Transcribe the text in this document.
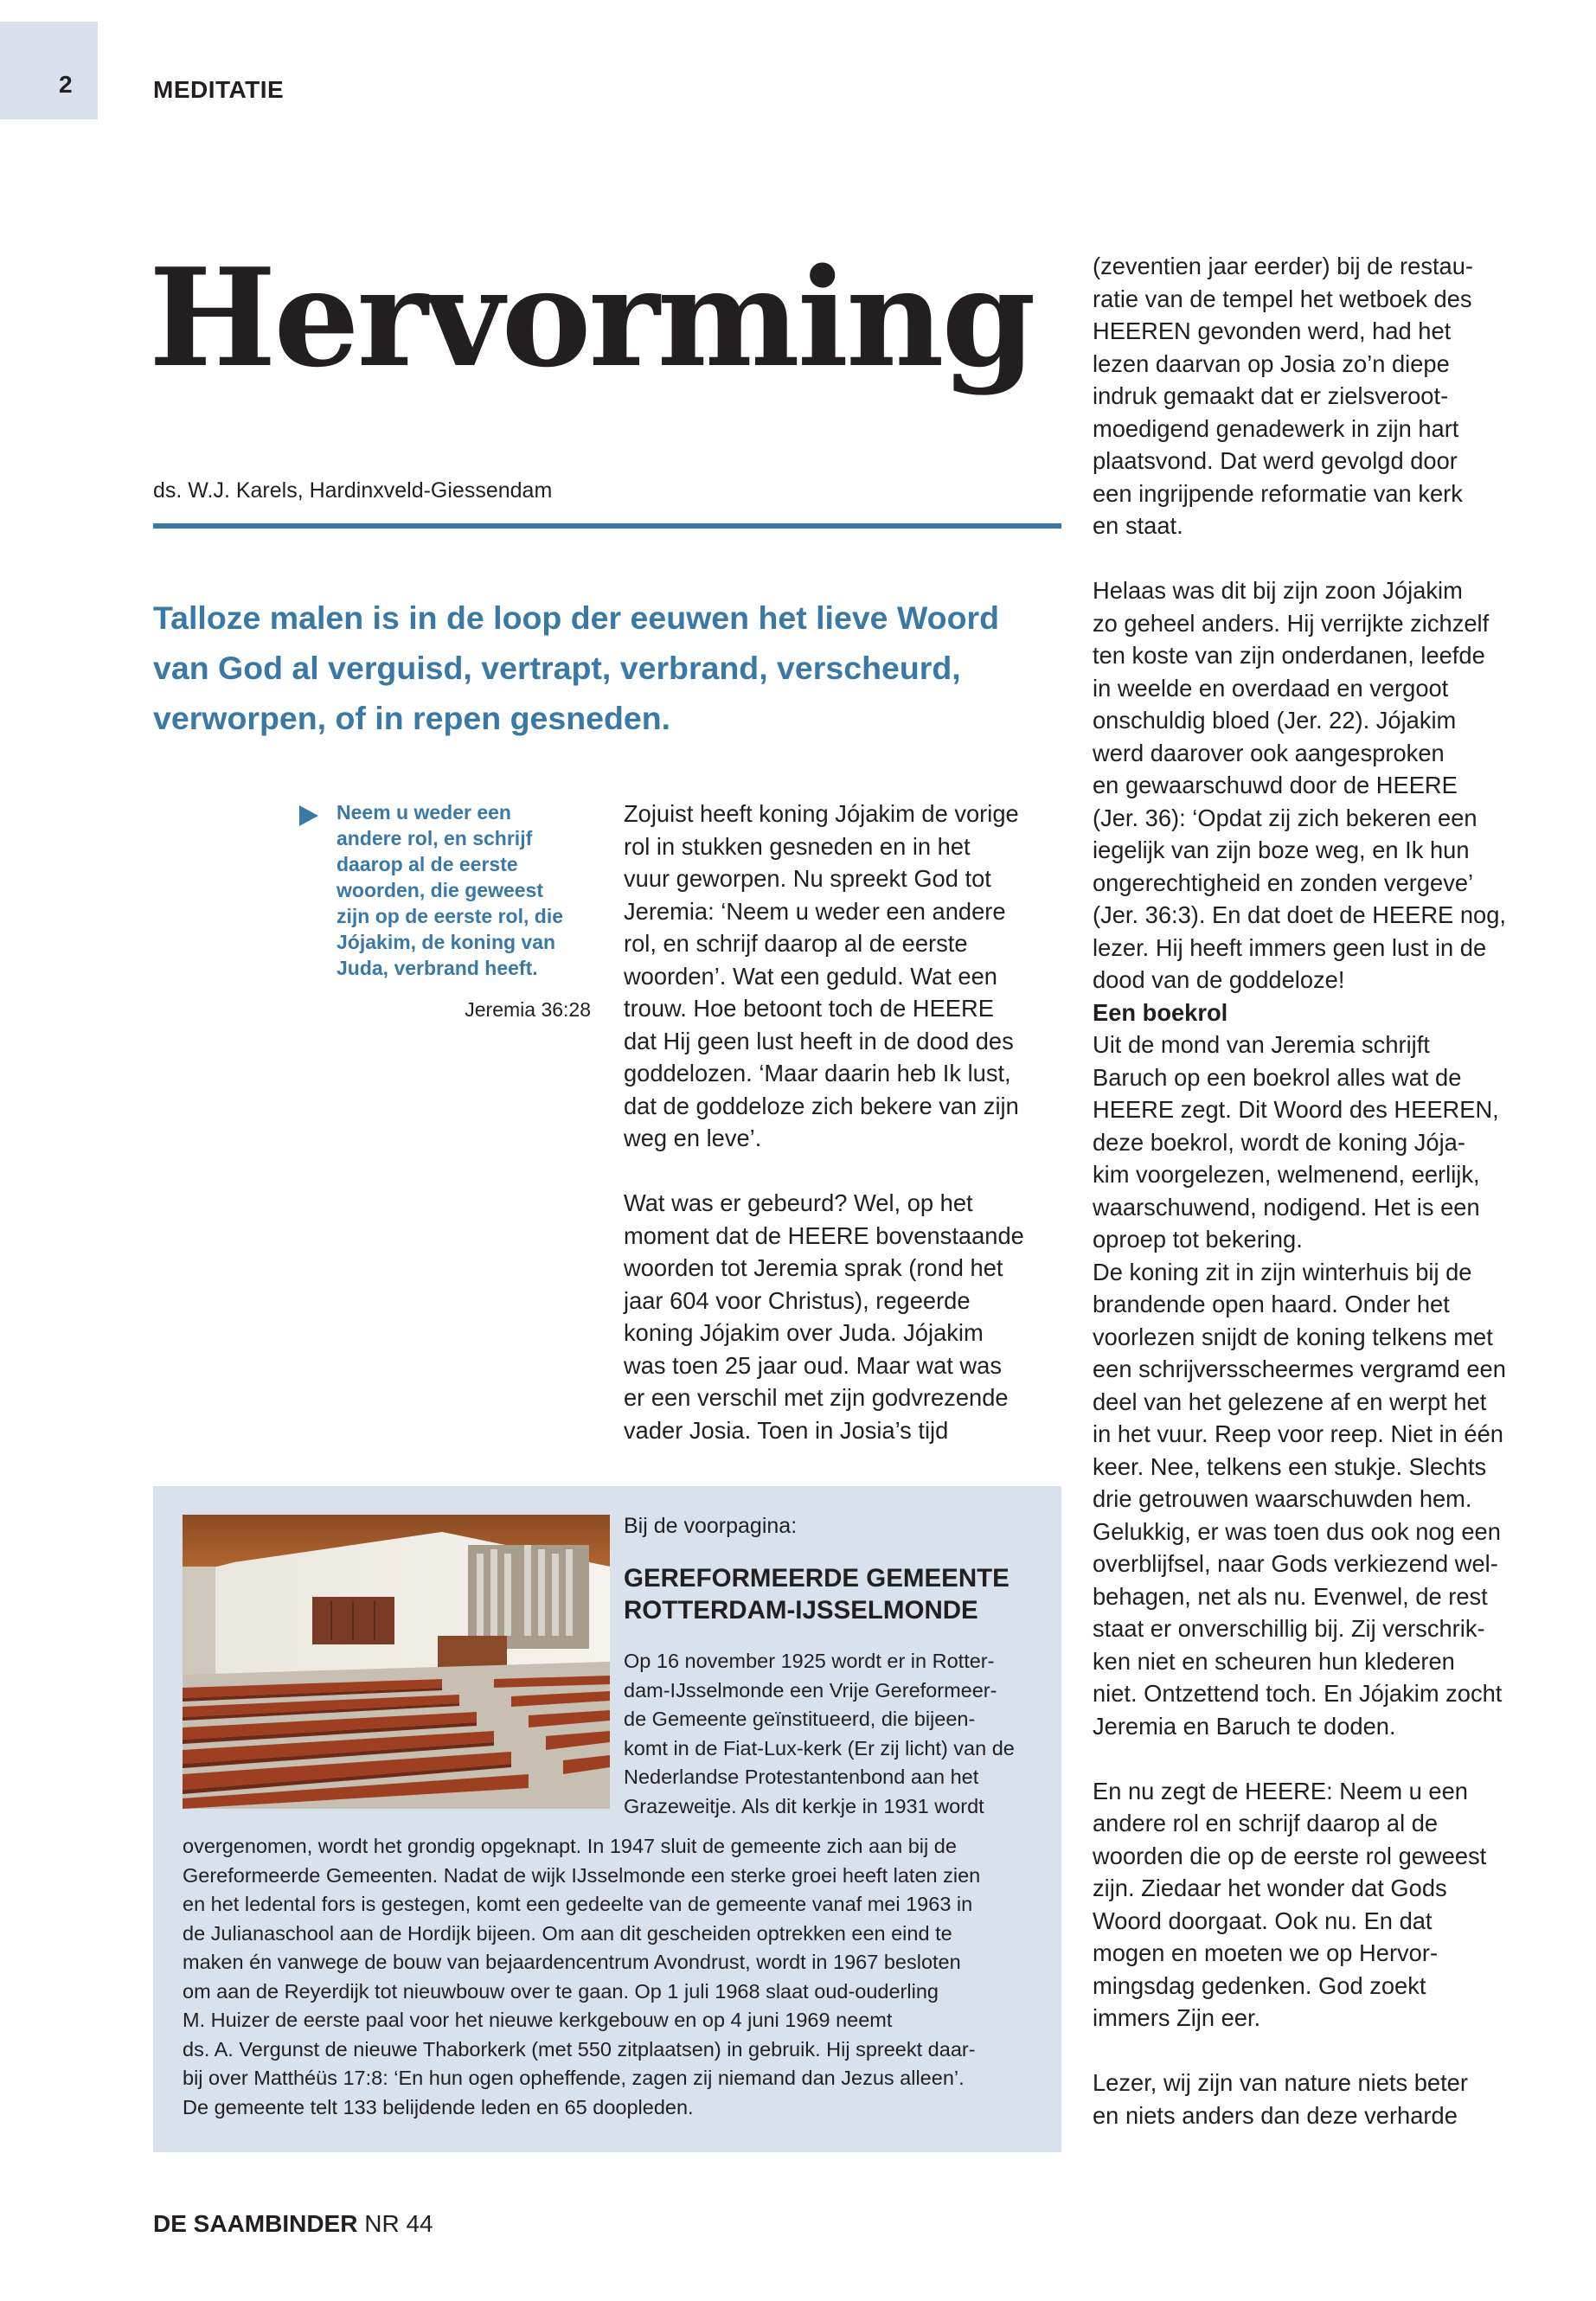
2	MEDITATIE
Hervorming
ds. W.J. Karels, Hardinxveld-Giessendam
Talloze malen is in de loop der eeuwen het lieve Woord van God al verguisd, vertrapt, verbrand, verscheurd, verworpen, of in repen gesneden.
Neem u weder een
andere rol, en schrijf
daarop al de eerste
woorden, die geweest
zijn op de eerste rol, die
Jójakim, de koning van
Juda, verbrand heeft.
Jeremia 36:28
Zojuist heeft koning Jójakim de vorige
rol in stukken gesneden en in het
vuur geworpen. Nu spreekt God tot
Jeremia: ‘Neem u weder een andere
rol, en schrijf daarop al de eerste
woorden’. Wat een geduld. Wat een
trouw. Hoe betoont toch de HEERE
dat Hij geen lust heeft in de dood des
goddelozen. ‘Maar daarin heb Ik lust,
dat de goddeloze zich bekere van zijn
weg en leve’.

Wat was er gebeurd? Wel, op het
moment dat de HEERE bovenstaande
woorden tot Jeremia sprak (rond het
jaar 604 voor Christus), regeerde
koning Jójakim over Juda. Jójakim
was toen 25 jaar oud. Maar wat was
er een verschil met zijn godvrezende
vader Josia. Toen in Josia’s tijd
(zeventien jaar eerder) bij de restau-
ratie van de tempel het wetboek des
HEEREN gevonden werd, had het
lezen daarvan op Josia zo’n diepe
indruk gemaakt dat er zielsveroot-
moedigend genadewerk in zijn hart
plaatsvond. Dat werd gevolgd door
een ingrijpende reformatie van kerk
en staat.

Helaas was dit bij zijn zoon Jójakim
zo geheel anders. Hij verrijkte zichzelf
ten koste van zijn onderdanen, leefde
in weelde en overdaad en vergoot
onschuldig bloed (Jer. 22). Jójakim
werd daarover ook aangesproken
en gewaarschuwd door de HEERE
(Jer. 36): ‘Opdat zij zich bekeren een
iegelijk van zijn boze weg, en Ik hun
ongerechtigheid en zonden vergeve’
(Jer. 36:3). En dat doet de HEERE nog,
lezer. Hij heeft immers geen lust in de
dood van de goddeloze!
Een boekrol
Uit de mond van Jeremia schrijft
Baruch op een boekrol alles wat de
HEERE zegt. Dit Woord des HEEREN,
deze boekrol, wordt de koning Jója-
kim voorgelezen, welmenend, eerlijk,
waarschuwend, nodigend. Het is een
oproep tot bekering.
De koning zit in zijn winterhuis bij de
brandende open haard. Onder het
voorlezen snijdt de koning telkens met
een schrijversscheermes vergramd een
deel van het gelezene af en werpt het
in het vuur. Reep voor reep. Niet in één
keer. Nee, telkens een stukje. Slechts
drie getrouwen waarschuwden hem.
Gelukkig, er was toen dus ook nog een
overblijfsel, naar Gods verkiezend wel-
behagen, net als nu. Evenwel, de rest
staat er onverschillig bij. Zij verschrik-
ken niet en scheuren hun klederen
niet. Ontzettend toch. En Jójakim zocht
Jeremia en Baruch te doden.

En nu zegt de HEERE: Neem u een
andere rol en schrijf daarop al de
woorden die op de eerste rol geweest
zijn. Ziedaar het wonder dat Gods
Woord doorgaat. Ook nu. En dat
mogen en moeten we op Hervor-
mingsdag gedenken. God zoekt
immers Zijn eer.

Lezer, wij zijn van nature niets beter
en niets anders dan deze verharde
Bij de voorpagina:
GEREFORMEERDE GEMEENTE
ROTTERDAM-IJSSELMONDE
Op 16 november 1925 wordt er in Rotter-
dam-IJsselmonde een Vrije Gereformeer-
de Gemeente geïnstitueerd, die bijeen-
komt in de Fiat-Lux-kerk (Er zij licht) van de
Nederlandse Protestantenbond aan het
Grazeweitje. Als dit kerkje in 1931 wordt
overgenomen, wordt het grondig opgeknapt. In 1947 sluit de gemeente zich aan bij de
Gereformeerde Gemeenten. Nadat de wijk IJsselmonde een sterke groei heeft laten zien
en het ledental fors is gestegen, komt een gedeelte van de gemeente vanaf mei 1963 in
de Julianaschool aan de Hordijk bijeen. Om aan dit gescheiden optrekken een eind te
maken én vanwege de bouw van bejaardencentrum Avondrust, wordt in 1967 besloten
om aan de Reyerdijk tot nieuwbouw over te gaan. Op 1 juli 1968 slaat oud-ouderling
M. Huizer de eerste paal voor het nieuwe kerkgebouw en op 4 juni 1969 neemt
ds. A. Vergunst de nieuwe Thaborkerk (met 550 zitplaatsen) in gebruik. Hij spreekt daar-
bij over Matthéüs 17:8: ‘En hun ogen opheffende, zagen zij niemand dan Jezus alleen’.
De gemeente telt 133 belijdende leden en 65 doopleden.
DE SAAMBINDER NR 44
